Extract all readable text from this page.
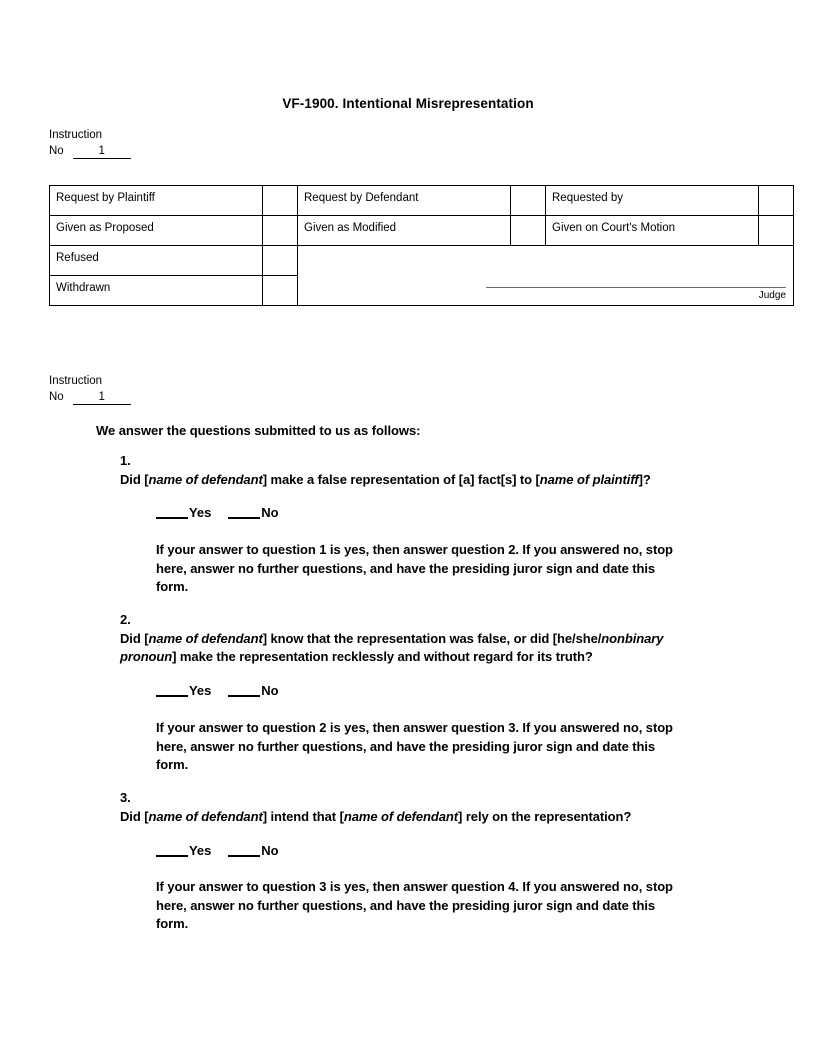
VF-1900. Intentional Misrepresentation
Instruction
No	1
Request by Plaintiff		Request by Defendant		Requested by	
Given as Proposed		Given as Modified		Given on Court's Motion	
Refused		Judge			

Withdrawn					
Instruction
No	1
We answer the questions submitted to us as follows:
1.
Did [name of defendant] make a false representation of [a] fact[s] to [name of plaintiff]?
Yes	No
If your answer to question 1 is yes, then answer question 2. If you answered no, stop here, answer no further questions, and have the presiding juror sign and date this form.
2.
Did [name of defendant] know that the representation was false, or did [he/she/nonbinary pronoun] make the representation recklessly and without regard for its truth?
Yes	No
If your answer to question 2 is yes, then answer question 3. If you answered no, stop here, answer no further questions, and have the presiding juror sign and date this form.
3.
Did [name of defendant] intend that [name of defendant] rely on the representation?
Yes	No
If your answer to question 3 is yes, then answer question 4. If you answered no, stop here, answer no further questions, and have the presiding juror sign and date this form.
